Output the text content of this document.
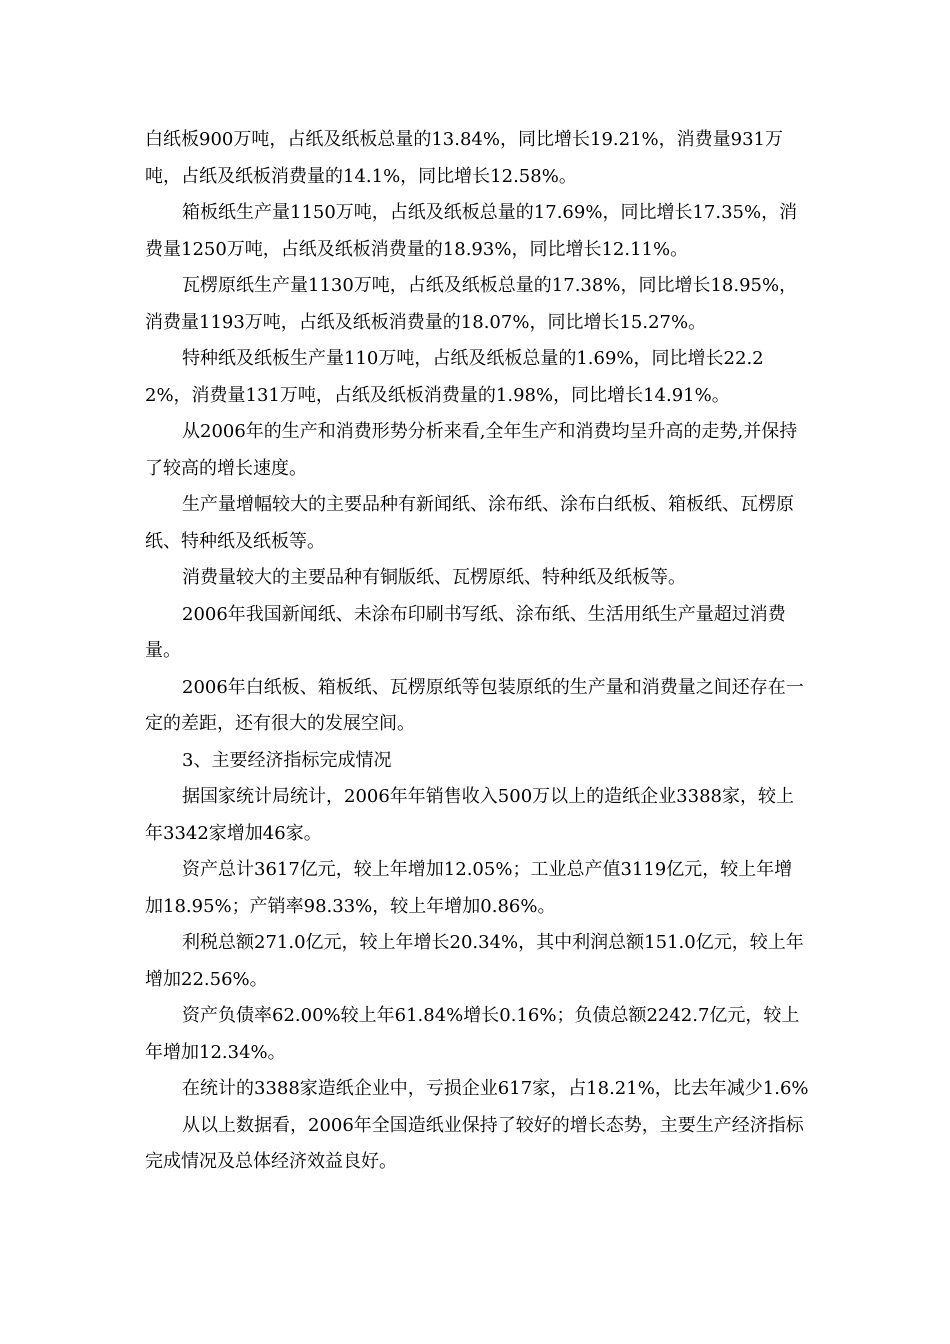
白纸板900万吨，占纸及纸板总量的13.84%，同比增长19.21%，消费量931万吨，占纸及纸板消费量的14.1%，同比增长12.58%。

箱板纸生产量1150万吨，占纸及纸板总量的17.69%，同比增长17.35%，消费量1250万吨，占纸及纸板消费量的18.93%，同比增长12.11%。

瓦楞原纸生产量1130万吨，占纸及纸板总量的17.38%，同比增长18.95%，消费量1193万吨，占纸及纸板消费量的18.07%，同比增长15.27%。

特种纸及纸板生产量110万吨，占纸及纸板总量的1.69%，同比增长22.22%，消费量131万吨，占纸及纸板消费量的1.98%，同比增长14.91%。

从2006年的生产和消费形势分析来看,全年生产和消费均呈升高的走势,并保持了较高的增长速度。

生产量增幅较大的主要品种有新闻纸、涂布纸、涂布白纸板、箱板纸、瓦楞原纸、特种纸及纸板等。

消费量较大的主要品种有铜版纸、瓦楞原纸、特种纸及纸板等。

2006年我国新闻纸、未涂布印刷书写纸、涂布纸、生活用纸生产量超过消费量。

2006年白纸板、箱板纸、瓦楞原纸等包装原纸的生产量和消费量之间还存在一定的差距，还有很大的发展空间。

3、主要经济指标完成情况

据国家统计局统计，2006年年销售收入500万以上的造纸企业3388家，较上年3342家增加46家。

资产总计3617亿元，较上年增加12.05%；工业总产值3119亿元，较上年增加18.95%；产销率98.33%，较上年增加0.86%。

利税总额271.0亿元，较上年增长20.34%，其中利润总额151.0亿元，较上年增加22.56%。

资产负债率62.00%较上年61.84%增长0.16%；负债总额2242.7亿元，较上年增加12.34%。

在统计的3388家造纸企业中，亏损企业617家，占18.21%，比去年减少1.6%

从以上数据看，2006年全国造纸业保持了较好的增长态势，主要生产经济指标完成情况及总体经济效益良好。
